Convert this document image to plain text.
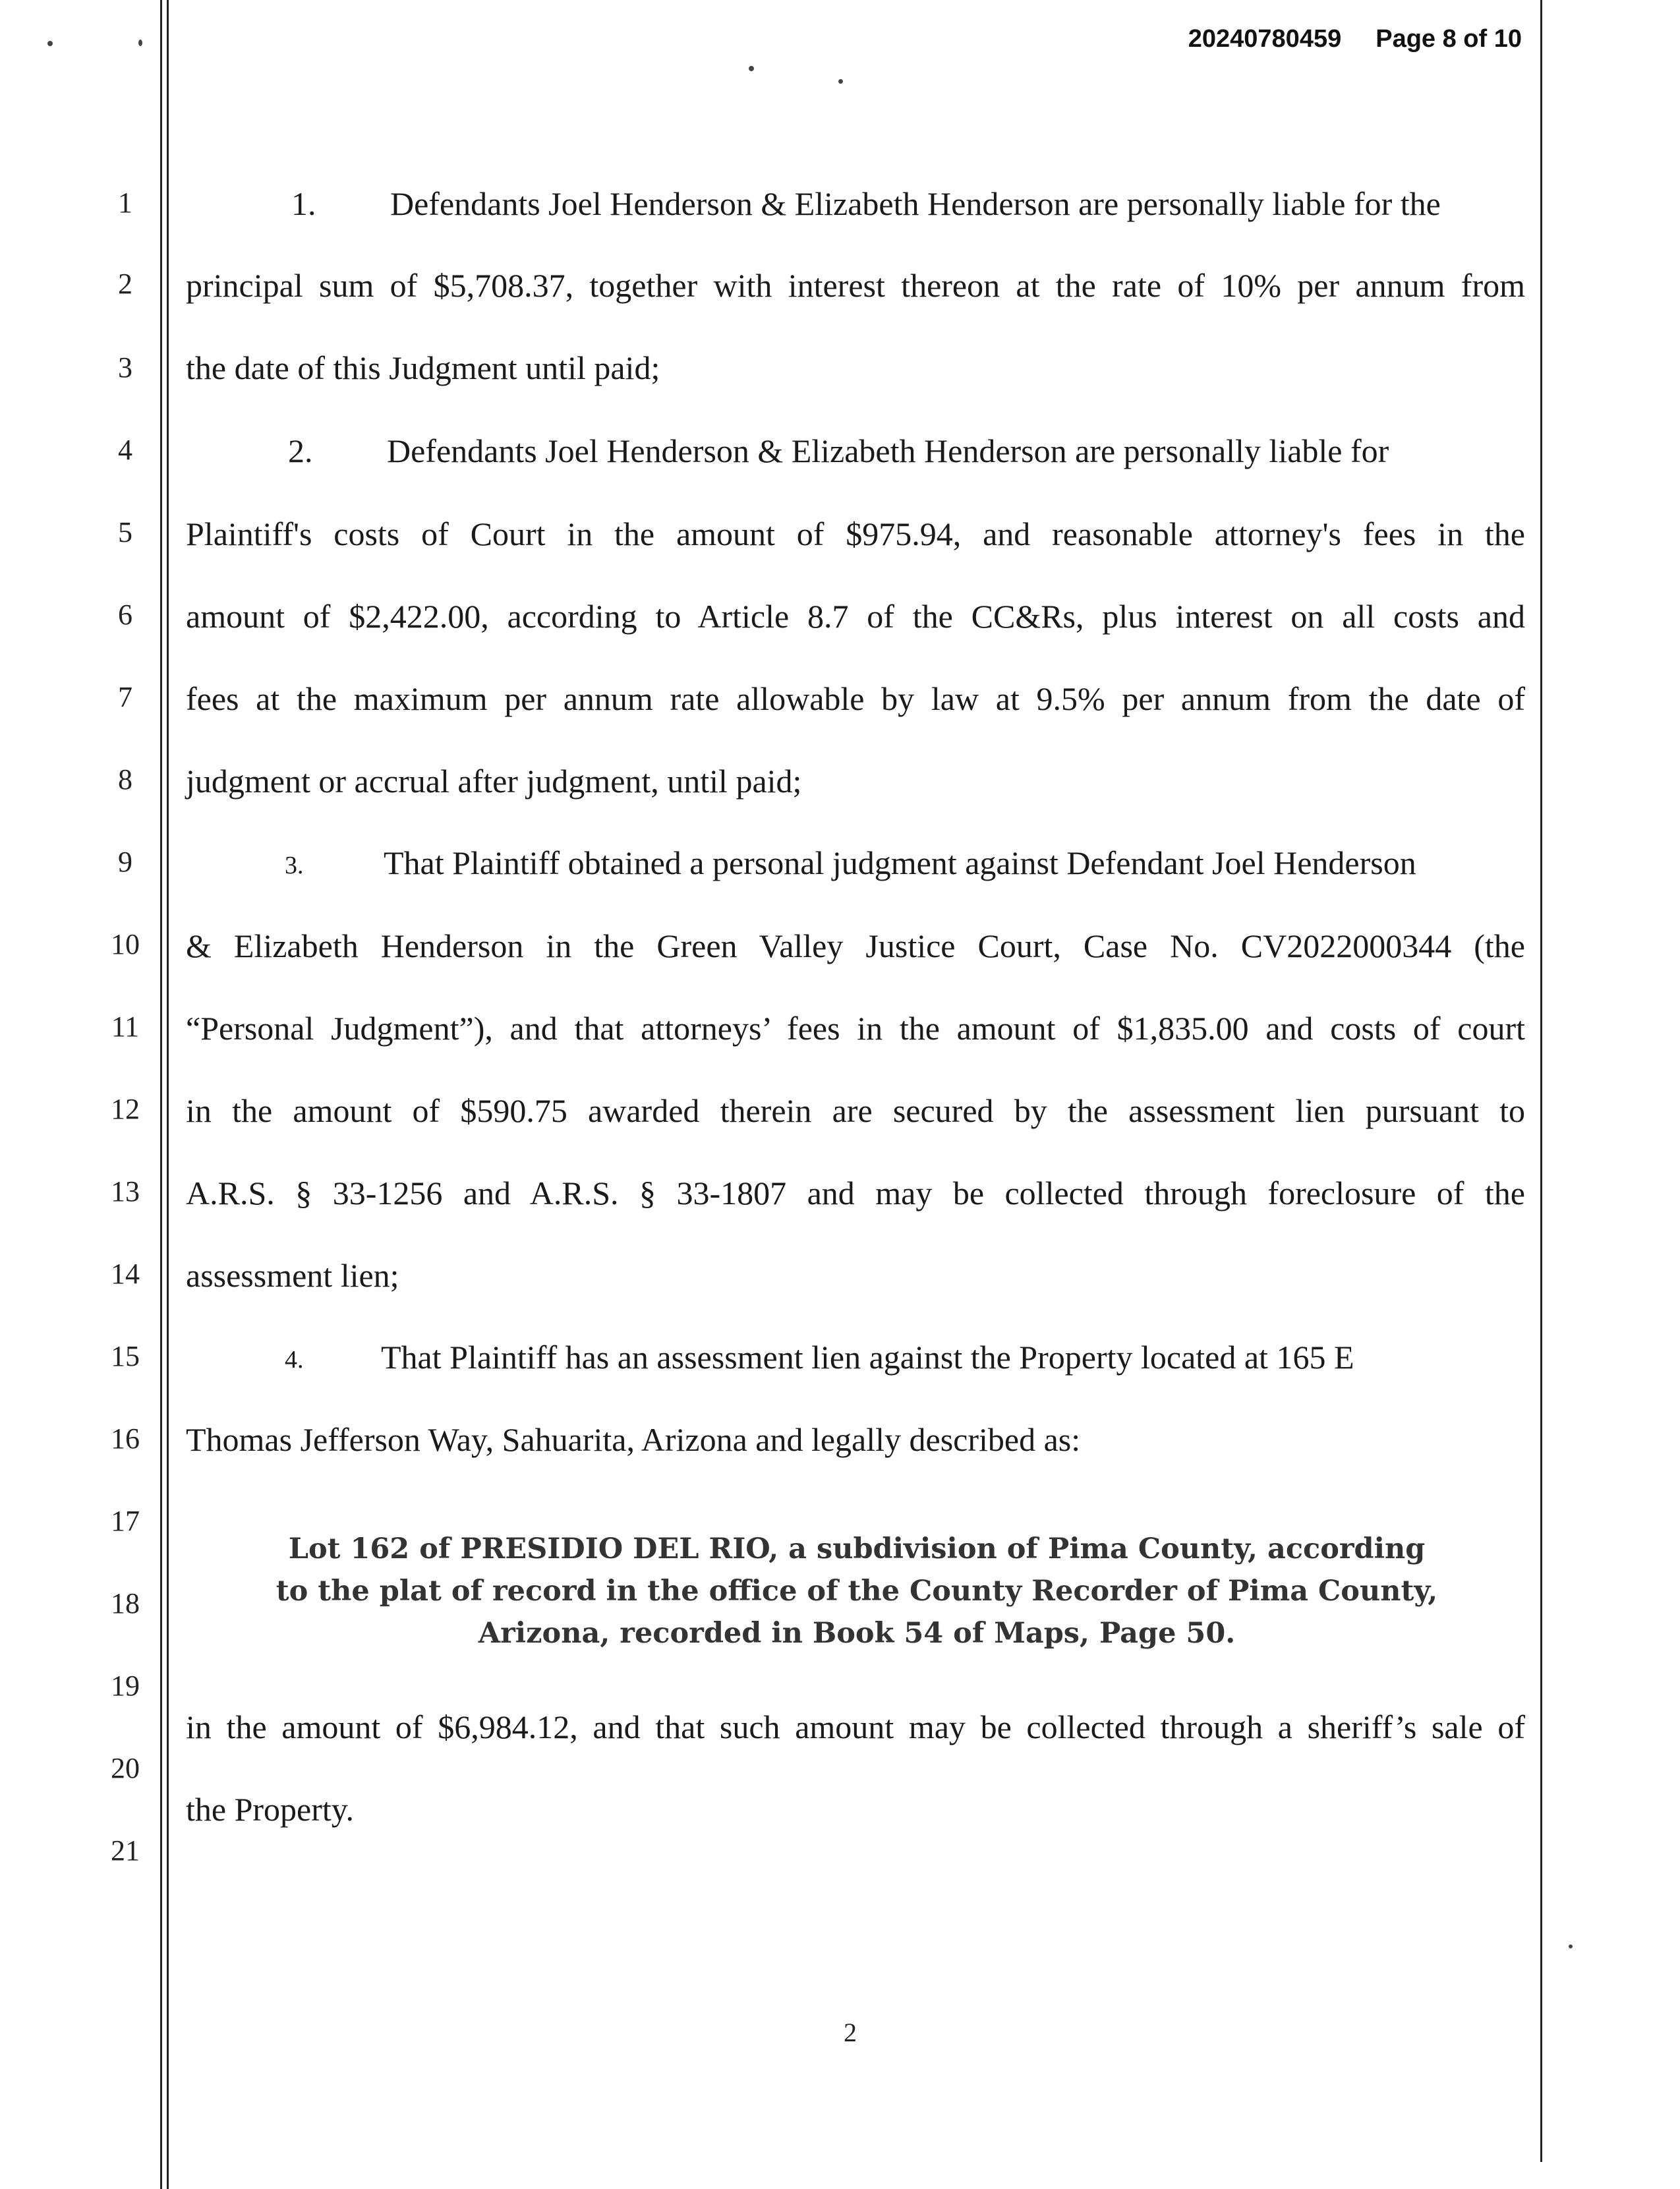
20240780459 Page 8 of 10
1
2
3
4
5
6
7
8
9
10
11
12
13
14
15
16
17
18
19
20
21
1. Defendants Joel Henderson & Elizabeth Henderson are personally liable for the
principal sum of $5,708.37, together with interest thereon at the rate of 10% per annum from
the date of this Judgment until paid;
2. Defendants Joel Henderson & Elizabeth Henderson are personally liable for
Plaintiff's costs of Court in the amount of $975.94, and reasonable attorney's fees in the
amount of $2,422.00, according to Article 8.7 of the CC&Rs, plus interest on all costs and
fees at the maximum per annum rate allowable by law at 9.5% per annum from the date of
judgment or accrual after judgment, until paid;
3. That Plaintiff obtained a personal judgment against Defendant Joel Henderson
& Elizabeth Henderson in the Green Valley Justice Court, Case No. CV2022000344 (the
“Personal Judgment”), and that attorneys’ fees in the amount of $1,835.00 and costs of court
in the amount of $590.75 awarded therein are secured by the assessment lien pursuant to
A.R.S. § 33-1256 and A.R.S. § 33-1807 and may be collected through foreclosure of the
assessment lien;
4. That Plaintiff has an assessment lien against the Property located at 165 E
Thomas Jefferson Way, Sahuarita, Arizona and legally described as:
Lot 162 of PRESIDIO DEL RIO, a subdivision of Pima County, according
to the plat of record in the office of the County Recorder of Pima County,
Arizona, recorded in Book 54 of Maps, Page 50.
in the amount of $6,984.12, and that such amount may be collected through a sheriff’s sale of
the Property.
2
